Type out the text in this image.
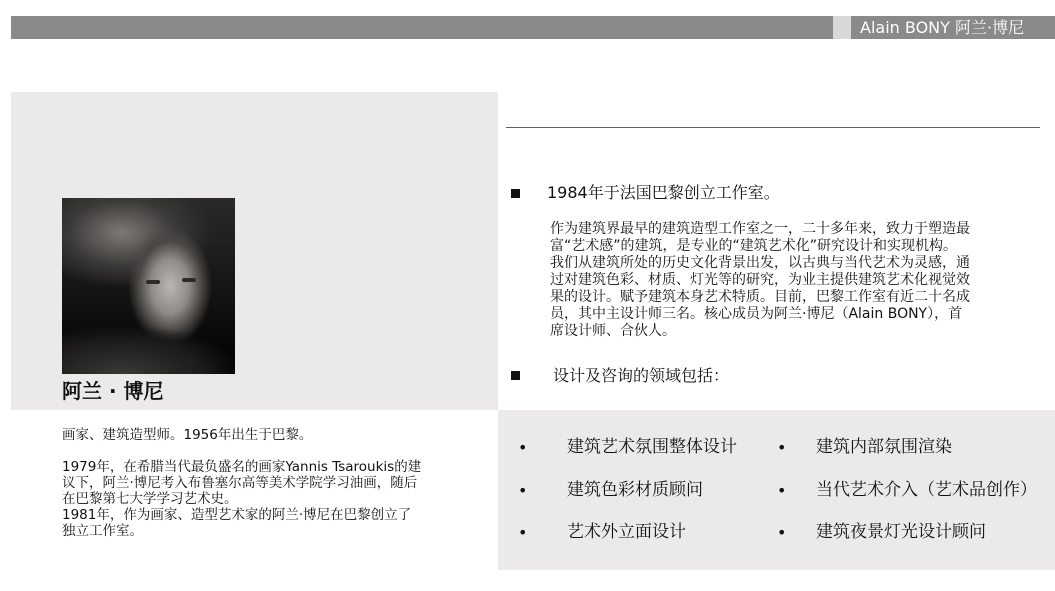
Alain BONY 阿兰·博尼
阿兰 · 博尼

画家、建筑造型师。1956年出生于巴黎。

1979年，在希腊当代最负盛名的画家Yannis Tsaroukis的建

议下，阿兰·博尼考入布鲁塞尔高等美术学院学习油画，随后

在巴黎第七大学学习艺术史。

1981年，作为画家、造型艺术家的阿兰·博尼在巴黎创立了

独立工作室。

1984年于法国巴黎创立工作室。
作为建筑界最早的建筑造型工作室之一，二十多年来，致力于塑造最
富“艺术感”的建筑，是专业的“建筑艺术化”研究设计和实现机构。
我们从建筑所处的历史文化背景出发，以古典与当代艺术为灵感，通
过对建筑色彩、材质、灯光等的研究，为业主提供建筑艺术化视觉效
果的设计。赋予建筑本身艺术特质。目前，巴黎工作室有近二十名成
员，其中主设计师三名。核心成员为阿兰·博尼（Alain BONY），首
席设计师、合伙人。
设计及咨询的领域包括：
• 建筑艺术氛围整体设计	• 建筑内部氛围渲染
• 建筑色彩材质顾问	• 当代艺术介入（艺术品创作）
• 艺术外立面设计	• 建筑夜景灯光设计顾问
